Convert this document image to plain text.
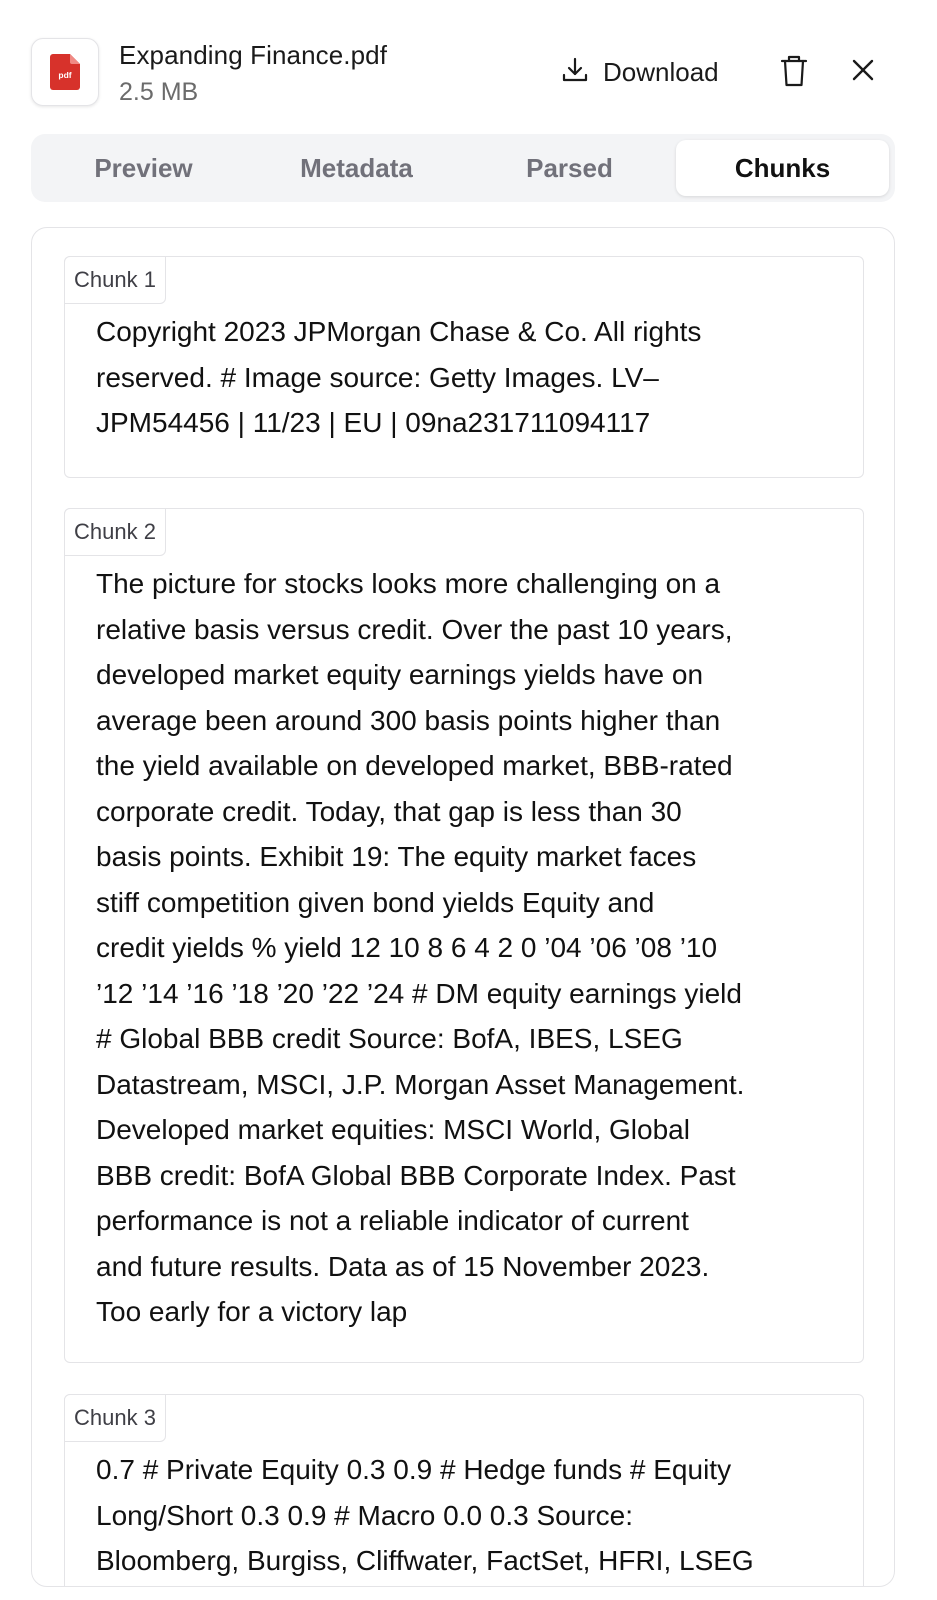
pdf
Expanding Finance.pdf
2.5 MB
Download
Preview	Metadata	Parsed	Chunks
Chunk 1
Copyright 2023 JPMorgan Chase & Co. All rights
reserved. # Image source: Getty Images. LV–
JPM54456 | 11/23 | EU | 09na231711094117
Chunk 2
The picture for stocks looks more challenging on a
relative basis versus credit. Over the past 10 years,
developed market equity earnings yields have on
average been around 300 basis points higher than
the yield available on developed market, BBB-rated
corporate credit. Today, that gap is less than 30
basis points. Exhibit 19: The equity market faces
stiff competition given bond yields Equity and
credit yields % yield 12 10 8 6 4 2 0 ’04 ’06 ’08 ’10
’12 ’14 ’16 ’18 ’20 ’22 ’24 # DM equity earnings yield
# Global BBB credit Source: BofA, IBES, LSEG
Datastream, MSCI, J.P. Morgan Asset Management.
Developed market equities: MSCI World, Global
BBB credit: BofA Global BBB Corporate Index. Past
performance is not a reliable indicator of current
and future results. Data as of 15 November 2023.
Too early for a victory lap
Chunk 3
0.7 # Private Equity 0.3 0.9 # Hedge funds # Equity
Long/Short 0.3 0.9 # Macro 0.0 0.3 Source:
Bloomberg, Burgiss, Cliffwater, FactSet, HFRI, LSEG
